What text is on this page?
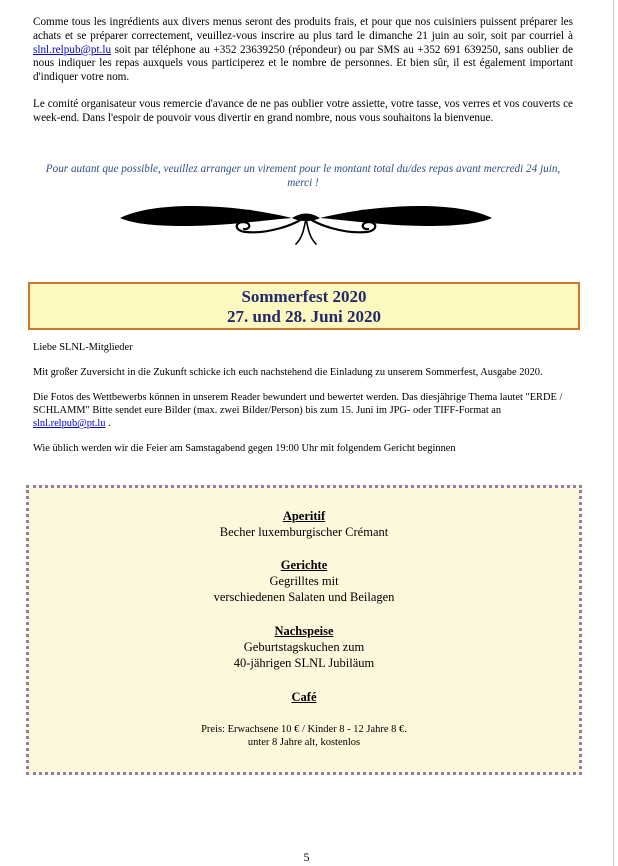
Comme tous les ingrédients aux divers menus seront des produits frais, et pour que nos cuisiniers puissent préparer les achats et se préparer correctement, veuillez-vous inscrire au plus tard le dimanche 21 juin au soir, soit par courriel à slnl.relpub@pt.lu soit par téléphone au +352 23639250 (répondeur) ou par SMS au +352 691 639250, sans oublier de nous indiquer les repas auxquels vous participerez et le nombre de personnes. Et bien sûr, il est également important d'indiquer votre nom.

Le comité organisateur vous remercie d'avance de ne pas oublier votre assiette, votre tasse, vos verres et vos couverts ce week-end. Dans l'espoir de pouvoir vous divertir en grand nombre, nous vous souhaitons la bienvenue.

Pour autant que possible, veuillez arranger un virement pour le montant total du/des repas avant mercredi 24 juin, merci !
Sommerfest 2020
27. und 28. Juni 2020

Liebe SLNL-Mitglieder

Mit großer Zuversicht in die Zukunft schicke ich euch nachstehend die Einladung zu unserem Sommerfest, Ausgabe 2020.

Die Fotos des Wettbewerbs können in unserem Reader bewundert und bewertet werden. Das diesjährige Thema lautet "ERDE / SCHLAMM" Bitte sendet eure Bilder (max. zwei Bilder/Person) bis zum 15. Juni im JPG- oder TIFF-Format an slnl.relpub@pt.lu .

Wie üblich werden wir die Feier am Samstagabend gegen 19:00 Uhr mit folgendem Gericht beginnen

Aperitif
Becher luxemburgischer Crémant
Gerichte
Gegrilltes mit
verschiedenen Salaten und Beilagen
Nachspeise
Geburtstagskuchen zum
40-jährigen SLNL Jubiläum
Café
Preis: Erwachsene 10 € / Kinder 8 - 12 Jahre 8 €.
unter 8 Jahre alt, kostenlos
5
